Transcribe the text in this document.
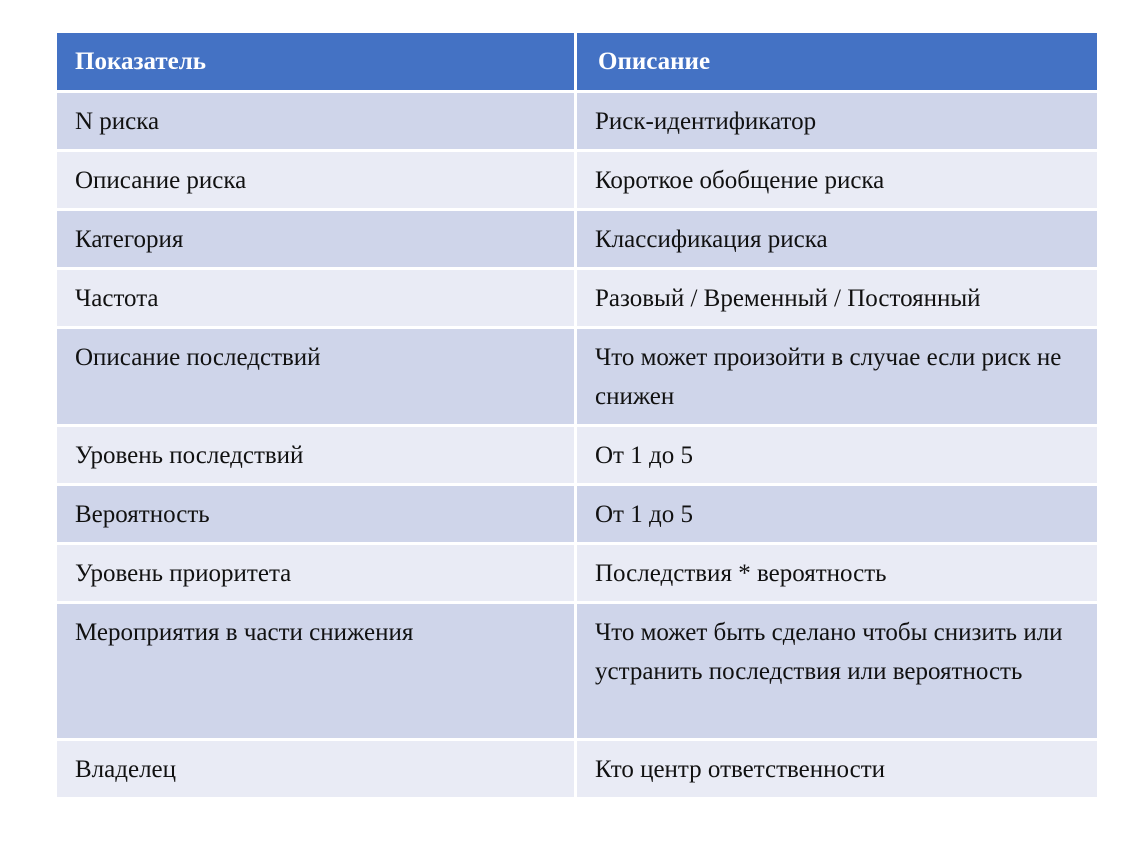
Показатель	Описание
N риска	Риск-идентификатор
Описание риска	Короткое обобщение риска
Категория	Классификация риска
Частота	Разовый / Временный / Постоянный
Описание последствий	Что может произойти в случае если риск не снижен
Уровень последствий	От 1 до 5
Вероятность	От 1 до 5
Уровень приоритета	Последствия * вероятность
Мероприятия в части снижения	Что может быть сделано чтобы снизить или устранить последствия или вероятность
Владелец	Кто центр ответственности
